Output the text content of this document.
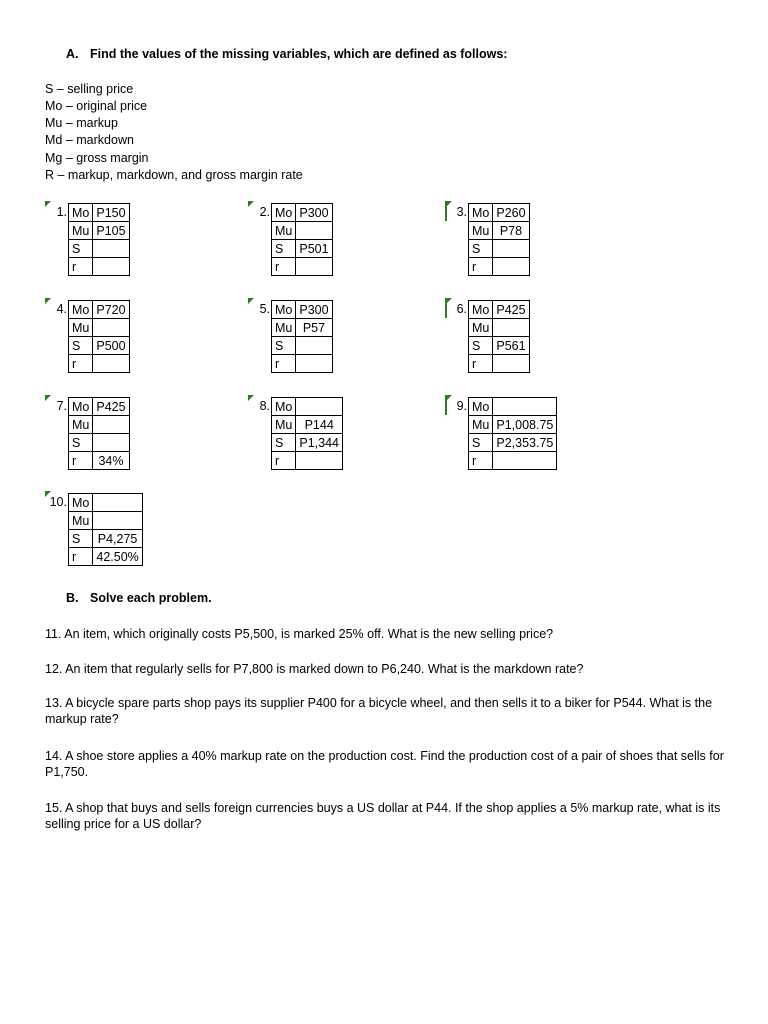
A. Find the values of the missing variables, which are defined as follows:
S – selling price
Mo – original price
Mu – markup
Md – markdown
Mg – gross margin
R – markup, markdown, and gross margin rate
1. Mo	P150
Mu	P105
S	
r	
2. Mo	P300
Mu	
S	P501
r	
3. Mo	P260
Mu	P78
S	
r	
4. Mo	P720
Mu	
S	P500
r	
5. Mo	P300
Mu	P57
S	
r	
6. Mo	P425
Mu	
S	P561
r	
7. Mo	P425
Mu	
S	
r	34%
8. Mo	
Mu	P144
S	P1,344
r	
9. Mo	
Mu	P1,008.75
S	P2,353.75
r	
10. Mo	
Mu	
S	P4,275
r	42.50%
B. Solve each problem.
11. An item, which originally costs P5,500, is marked 25% off. What is the new selling price?
12. An item that regularly sells for P7,800 is marked down to P6,240. What is the markdown rate?
13. A bicycle spare parts shop pays its supplier P400 for a bicycle wheel, and then sells it to a biker for P544. What is the markup rate?
14. A shoe store applies a 40% markup rate on the production cost. Find the production cost of a pair of shoes that sells for P1,750.
15. A shop that buys and sells foreign currencies buys a US dollar at P44. If the shop applies a 5% markup rate, what is its selling price for a US dollar?
